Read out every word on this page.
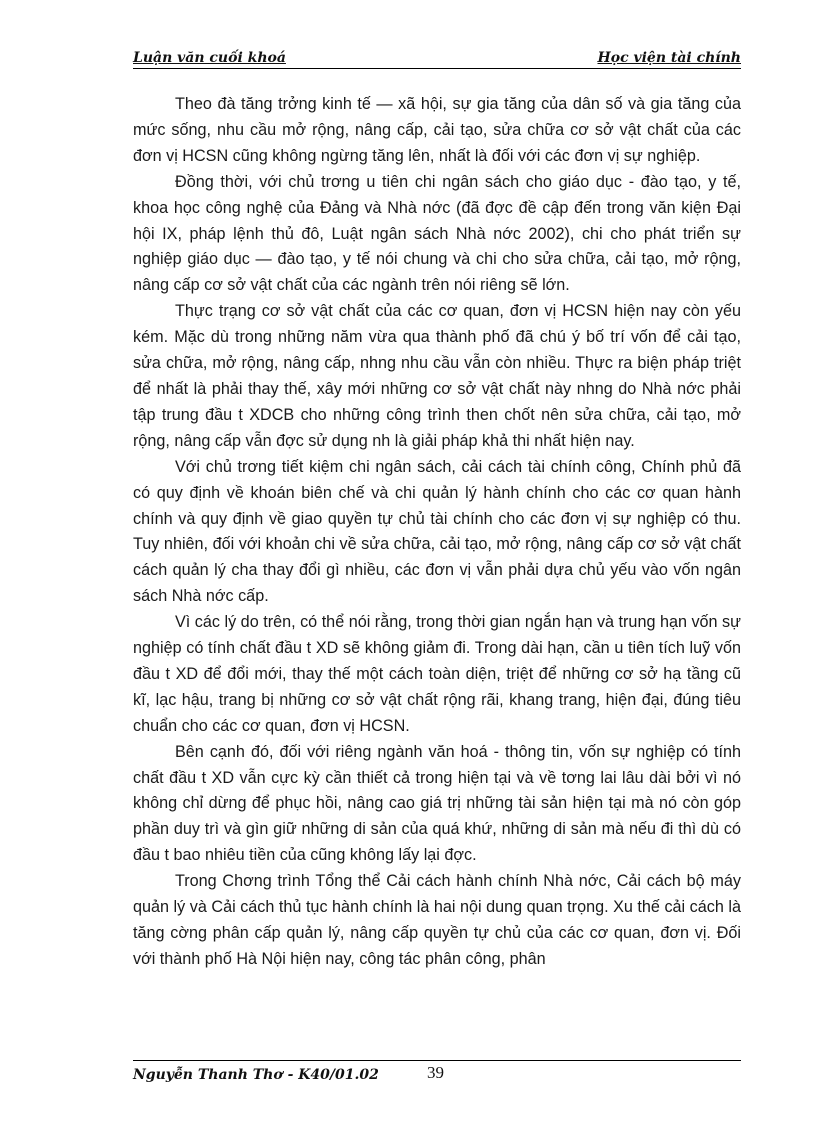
Luận văn cuối khoá	Học viện tài chính

Theo đà tăng trởng kinh tế — xã hội, sự gia tăng của dân số và gia tăng của mức sống, nhu cầu mở rộng, nâng cấp, cải tạo, sửa chữa cơ sở vật chất của các đơn vị HCSN cũng không ngừng tăng lên, nhất là đối với các đơn vị sự nghiệp.

Đồng thời, với chủ trơng u tiên chi ngân sách cho giáo dục - đào tạo, y tế, khoa học công nghệ của Đảng và Nhà nớc (đã đợc đề cập đến trong văn kiện Đại hội IX, pháp lệnh thủ đô, Luật ngân sách Nhà nớc 2002), chi cho phát triển sự nghiệp giáo dục — đào tạo, y tế nói chung và chi cho sửa chữa, cải tạo, mở rộng, nâng cấp cơ sở vật chất của các ngành trên nói riêng sẽ lớn.

Thực trạng cơ sở vật chất của các cơ quan, đơn vị HCSN hiện nay còn yếu kém. Mặc dù trong những năm vừa qua thành phố đã chú ý bố trí vốn để cải tạo, sửa chữa, mở rộng, nâng cấp, nhng nhu cầu vẫn còn nhiều. Thực ra biện pháp triệt để nhất là phải thay thế, xây mới những cơ sở vật chất này nhng do Nhà nớc phải tập trung đầu t XDCB cho những công trình then chốt nên sửa chữa, cải tạo, mở rộng, nâng cấp vẫn đợc sử dụng nh là giải pháp khả thi nhất hiện nay.

Với chủ trơng tiết kiệm chi ngân sách, cải cách tài chính công, Chính phủ đã có quy định về khoán biên chế và chi quản lý hành chính cho các cơ quan hành chính và quy định về giao quyền tự chủ tài chính cho các đơn vị sự nghiệp có thu. Tuy nhiên, đối với khoản chi về sửa chữa, cải tạo, mở rộng, nâng cấp cơ sở vật chất cách quản lý cha thay đổi gì nhiều, các đơn vị vẫn phải dựa chủ yếu vào vốn ngân sách Nhà nớc cấp.

Vì các lý do trên, có thể nói rằng, trong thời gian ngắn hạn và trung hạn vốn sự nghiệp có tính chất đầu t XD sẽ không giảm đi. Trong dài hạn, cần u tiên tích luỹ vốn đầu t XD để đổi mới, thay thế một cách toàn diện, triệt để những cơ sở hạ tầng cũ kĩ, lạc hậu, trang bị những cơ sở vật chất rộng rãi, khang trang, hiện đại, đúng tiêu chuẩn cho các cơ quan, đơn vị HCSN.

Bên cạnh đó, đối với riêng ngành văn hoá - thông tin, vốn sự nghiệp có tính chất đầu t XD vẫn cực kỳ cần thiết cả trong hiện tại và về tơng lai lâu dài bởi vì nó không chỉ dừng để phục hồi, nâng cao giá trị những tài sản hiện tại mà nó còn góp phần duy trì và gìn giữ những di sản của quá khứ, những di sản mà nếu đi thì dù có đầu t bao nhiêu tiền của cũng không lấy lại đợc.

Trong Chơng trình Tổng thể Cải cách hành chính Nhà nớc, Cải cách bộ máy quản lý và Cải cách thủ tục hành chính là hai nội dung quan trọng. Xu thế cải cách là tăng cờng phân cấp quản lý, nâng cấp quyền tự chủ của các cơ quan, đơn vị. Đối với thành phố Hà Nội hiện nay, công tác phân công, phân

Nguyễn Thanh Thơ - K40/01.02	39
